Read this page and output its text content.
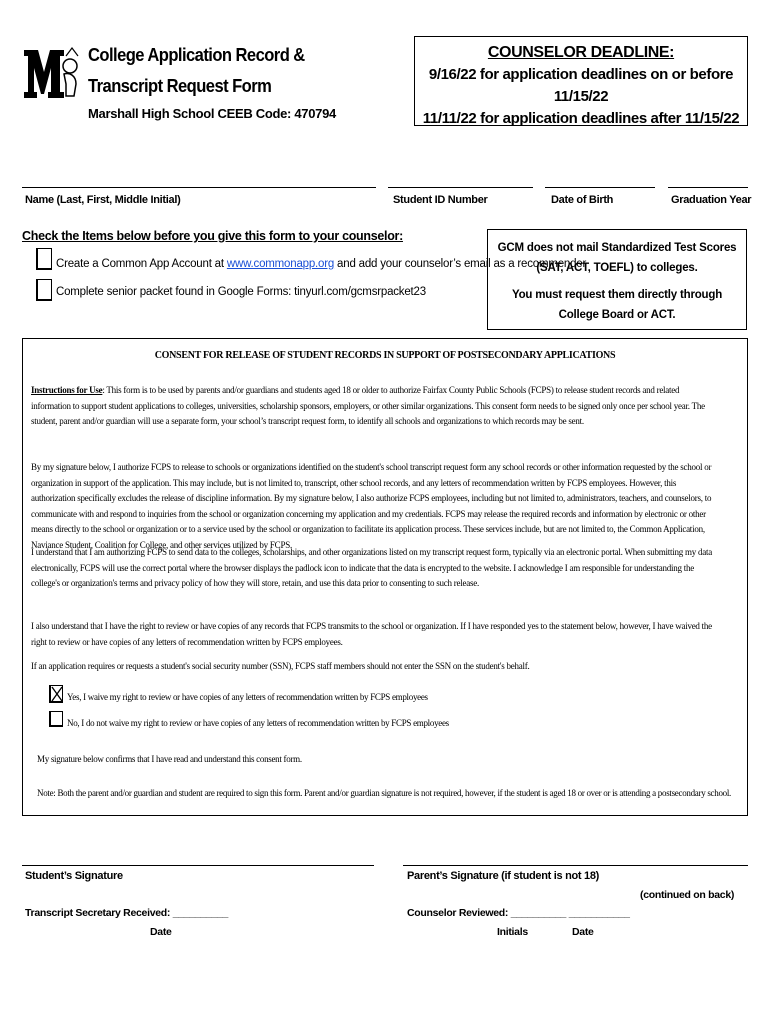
College Application Record &
Transcript Request Form
Marshall High School CEEB Code: 470794
COUNSELOR DEADLINE:
9/16/22 for application deadlines on or before 11/15/22
11/11/22 for application deadlines after 11/15/22
Name (Last, First, Middle Initial)	Student ID Number	Date of Birth	Graduation Year
Check the Items below before you give this form to your counselor:
Create a Common App Account at www.commonapp.org and add your counselor’s email as a recommender
Complete senior packet found in Google Forms: tinyurl.com/gcmsrpacket23
GCM does not mail Standardized Test Scores
(SAT, ACT, TOEFL) to colleges.
You must request them directly through
College Board or ACT.
CONSENT FOR RELEASE OF STUDENT RECORDS IN SUPPORT OF POSTSECONDARY APPLICATIONS
Instructions for Use: This form is to be used by parents and/or guardians and students aged 18 or older to authorize Fairfax County Public Schools (FCPS) to release student records and related information to support student applications to colleges, universities, scholarship sponsors, employers, or other similar organizations. This consent form needs to be signed only once per school year. The student, parent and/or guardian will use a separate form, your school’s transcript request form, to identify all schools and organizations to which records may be sent.
By my signature below, I authorize FCPS to release to schools or organizations identified on the student's school transcript request form any school records or other information requested by the school or organization in support of the application. This may include, but is not limited to, transcript, other school records, and any letters of recommendation written by FCPS employees. However, this authorization specifically excludes the release of discipline information. By my signature below, I also authorize FCPS employees, including but not limited to, administrators, teachers, and counselors, to communicate with and respond to inquiries from the school or organization concerning my application and my credentials. FCPS may release the required records and information by electronic or other means directly to the school or organization or to a service used by the school or organization to facilitate its application process. These services include, but are not limited to, the Common Application, Naviance Student, Coalition for College, and other services utilized by FCPS.
I understand that I am authorizing FCPS to send data to the colleges, scholarships, and other organizations listed on my transcript request form, typically via an electronic portal. When submitting my data electronically, FCPS will use the correct portal where the browser displays the padlock icon to indicate that the data is encrypted to the website. I acknowledge I am responsible for understanding the college's or organization's terms and privacy policy of how they will store, retain, and use this data prior to consenting to such release.
I also understand that I have the right to review or have copies of any records that FCPS transmits to the school or organization. If I have responded yes to the statement below, however, I have waived the right to review or have copies of any letters of recommendation written by FCPS employees.
If an application requires or requests a student's social security number (SSN), FCPS staff members should not enter the SSN on the student's behalf.
Yes, I waive my right to review or have copies of any letters of recommendation written by FCPS employees
No, I do not waive my right to review or have copies of any letters of recommendation written by FCPS employees
My signature below confirms that I have read and understand this consent form.
Note: Both the parent and/or guardian and student are required to sign this form. Parent and/or guardian signature is not required, however, if the student is aged 18 or over or is attending a postsecondary school.
Student’s Signature	Parent’s Signature (if student is not 18)
(continued on back)
Transcript Secretary Received: __________
Date
Counselor Reviewed: __________ ___________
Initials	Date
